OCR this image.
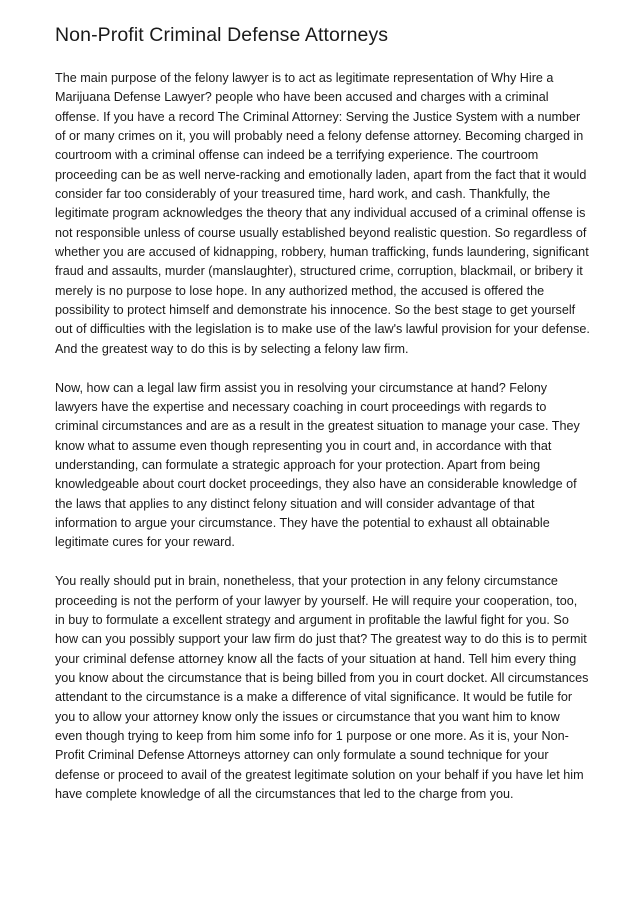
Non-Profit Criminal Defense Attorneys

The main purpose of the felony lawyer is to act as legitimate representation of Why Hire a Marijuana Defense Lawyer? people who have been accused and charges with a criminal offense. If you have a record The Criminal Attorney: Serving the Justice System with a number of or many crimes on it, you will probably need a felony defense attorney. Becoming charged in courtroom with a criminal offense can indeed be a terrifying experience. The courtroom proceeding can be as well nerve-racking and emotionally laden, apart from the fact that it would consider far too considerably of your treasured time, hard work, and cash. Thankfully, the legitimate program acknowledges the theory that any individual accused of a criminal offense is not responsible unless of course usually established beyond realistic question. So regardless of whether you are accused of kidnapping, robbery, human trafficking, funds laundering, significant fraud and assaults, murder (manslaughter), structured crime, corruption, blackmail, or bribery it merely is no purpose to lose hope. In any authorized method, the accused is offered the possibility to protect himself and demonstrate his innocence. So the best stage to get yourself out of difficulties with the legislation is to make use of the law's lawful provision for your defense. And the greatest way to do this is by selecting a felony law firm.

Now, how can a legal law firm assist you in resolving your circumstance at hand? Felony lawyers have the expertise and necessary coaching in court proceedings with regards to criminal circumstances and are as a result in the greatest situation to manage your case. They know what to assume even though representing you in court and, in accordance with that understanding, can formulate a strategic approach for your protection. Apart from being knowledgeable about court docket proceedings, they also have an considerable knowledge of the laws that applies to any distinct felony situation and will consider advantage of that information to argue your circumstance. They have the potential to exhaust all obtainable legitimate cures for your reward.

You really should put in brain, nonetheless, that your protection in any felony circumstance proceeding is not the perform of your lawyer by yourself. He will require your cooperation, too, in buy to formulate a excellent strategy and argument in profitable the lawful fight for you. So how can you possibly support your law firm do just that? The greatest way to do this is to permit your criminal defense attorney know all the facts of your situation at hand. Tell him every thing you know about the circumstance that is being billed from you in court docket. All circumstances attendant to the circumstance is a make a difference of vital significance. It would be futile for you to allow your attorney know only the issues or circumstance that you want him to know even though trying to keep from him some info for 1 purpose or one more. As it is, your Non-Profit Criminal Defense Attorneys attorney can only formulate a sound technique for your defense or proceed to avail of the greatest legitimate solution on your behalf if you have let him have complete knowledge of all the circumstances that led to the charge from you.
